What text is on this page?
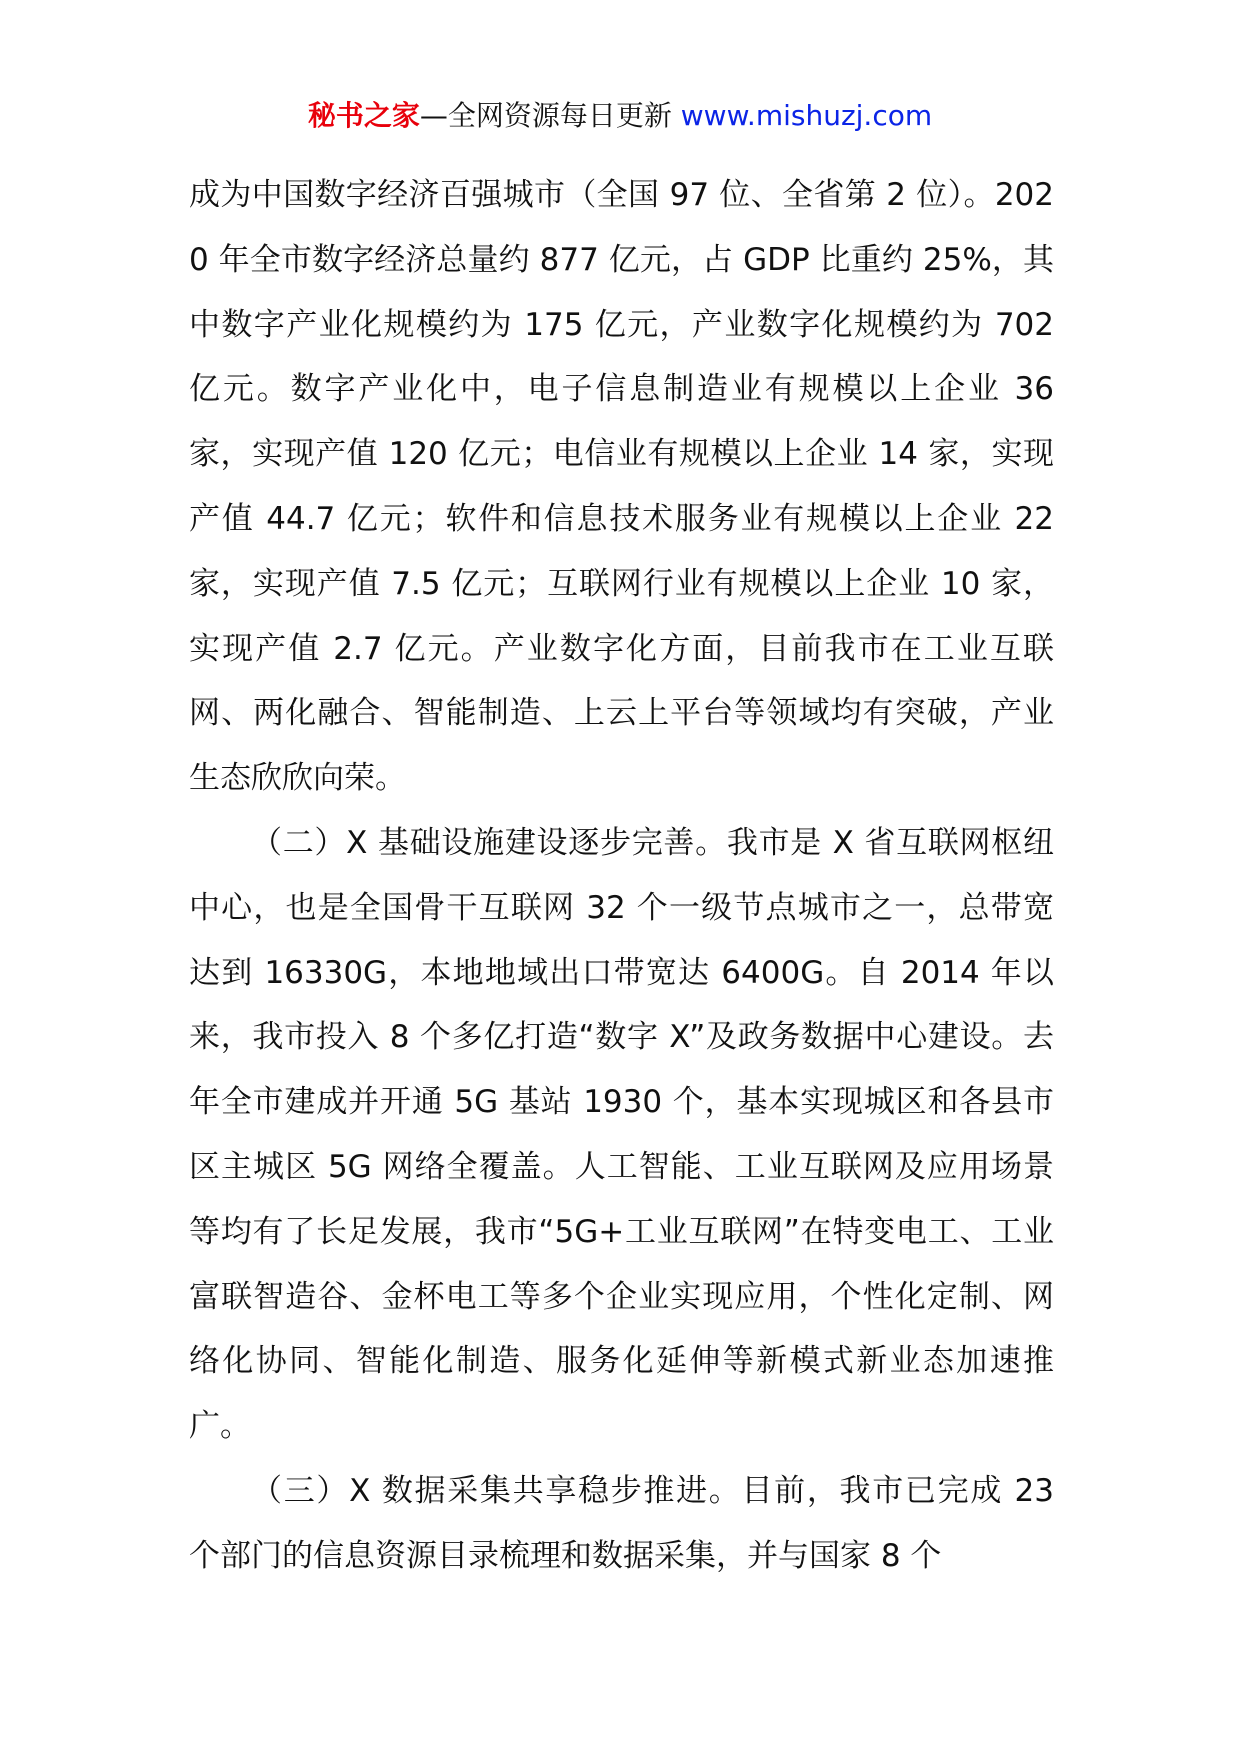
秘书之家—全网资源每日更新 www.mishuzj.com

成为中国数字经济百强城市（全国 97 位、全省第 2 位）。2020 年全市数字经济总量约 877 亿元，占 GDP 比重约 25%，其中数字产业化规模约为 175 亿元，产业数字化规模约为 702 亿元。数字产业化中，电子信息制造业有规模以上企业 36 家，实现产值 120 亿元；电信业有规模以上企业 14 家，实现产值 44.7 亿元；软件和信息技术服务业有规模以上企业 22 家，实现产值 7.5 亿元；互联网行业有规模以上企业 10 家，实现产值 2.7 亿元。产业数字化方面，目前我市在工业互联网、两化融合、智能制造、上云上平台等领域均有突破，产业生态欣欣向荣。

（二）X 基础设施建设逐步完善。我市是 X 省互联网枢纽中心，也是全国骨干互联网 32 个一级节点城市之一，总带宽达到 16330G，本地地域出口带宽达 6400G。自 2014 年以来，我市投入 8 个多亿打造“数字 X”及政务数据中心建设。去年全市建成并开通 5G 基站 1930 个，基本实现城区和各县市区主城区 5G 网络全覆盖。人工智能、工业互联网及应用场景等均有了长足发展，我市“5G+工业互联网”在特变电工、工业富联智造谷、金杯电工等多个企业实现应用，个性化定制、网络化协同、智能化制造、服务化延伸等新模式新业态加速推广。

（三）X 数据采集共享稳步推进。目前，我市已完成 23 个部门的信息资源目录梳理和数据采集，并与国家 8 个
